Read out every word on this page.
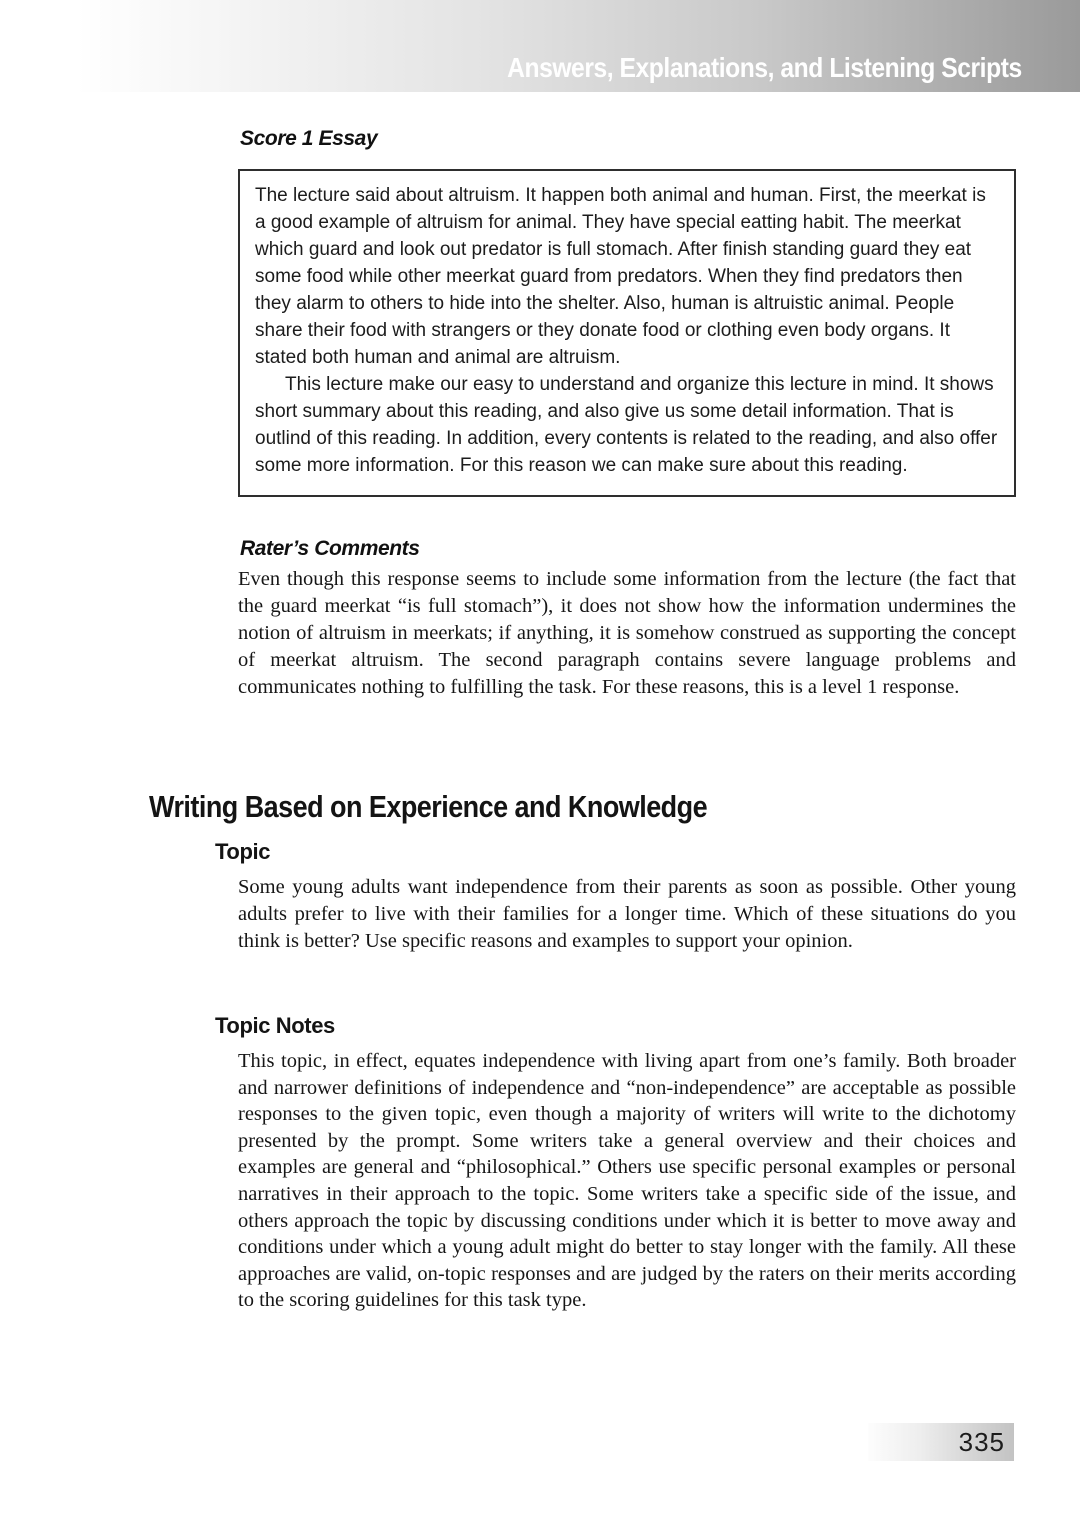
Answers, Explanations, and Listening Scripts
Score 1 Essay

The lecture said about altruism. It happen both animal and human. First, the meerkat is a good example of altruism for animal. They have special eatting habit. The meerkat which guard and look out predator is full stomach. After finish standing guard they eat some food while other meerkat guard from predators. When they find predators then they alarm to others to hide into the shelter. Also, human is altruistic animal. People share their food with strangers or they donate food or clothing even body organs. It stated both human and animal are altruism.

This lecture make our easy to understand and organize this lecture in mind. It shows short summary about this reading, and also give us some detail information. That is outlind of this reading. In addition, every contents is related to the reading, and also offer some more information. For this reason we can make sure about this reading.

Rater’s Comments

Even though this response seems to include some information from the lecture (the fact that the guard meerkat “is full stomach”), it does not show how the information undermines the notion of altruism in meerkats; if anything, it is somehow construed as supporting the concept of meerkat altruism. The second paragraph contains severe language problems and communicates nothing to fulfilling the task. For these reasons, this is a level 1 response.

Writing Based on Experience and Knowledge
Topic

Some young adults want independence from their parents as soon as possible. Other young adults prefer to live with their families for a longer time. Which of these situations do you think is better? Use specific reasons and examples to support your opinion.

Topic Notes

This topic, in effect, equates independence with living apart from one’s family. Both broader and narrower definitions of independence and “non-independence” are acceptable as possible responses to the given topic, even though a majority of writers will write to the dichotomy presented by the prompt. Some writers take a general overview and their choices and examples are general and “philosophical.” Others use specific personal examples or personal narratives in their approach to the topic. Some writers take a specific side of the issue, and others approach the topic by discussing conditions under which it is better to move away and conditions under which a young adult might do better to stay longer with the family. All these approaches are valid, on-topic responses and are judged by the raters on their merits according to the scoring guidelines for this task type.

335
